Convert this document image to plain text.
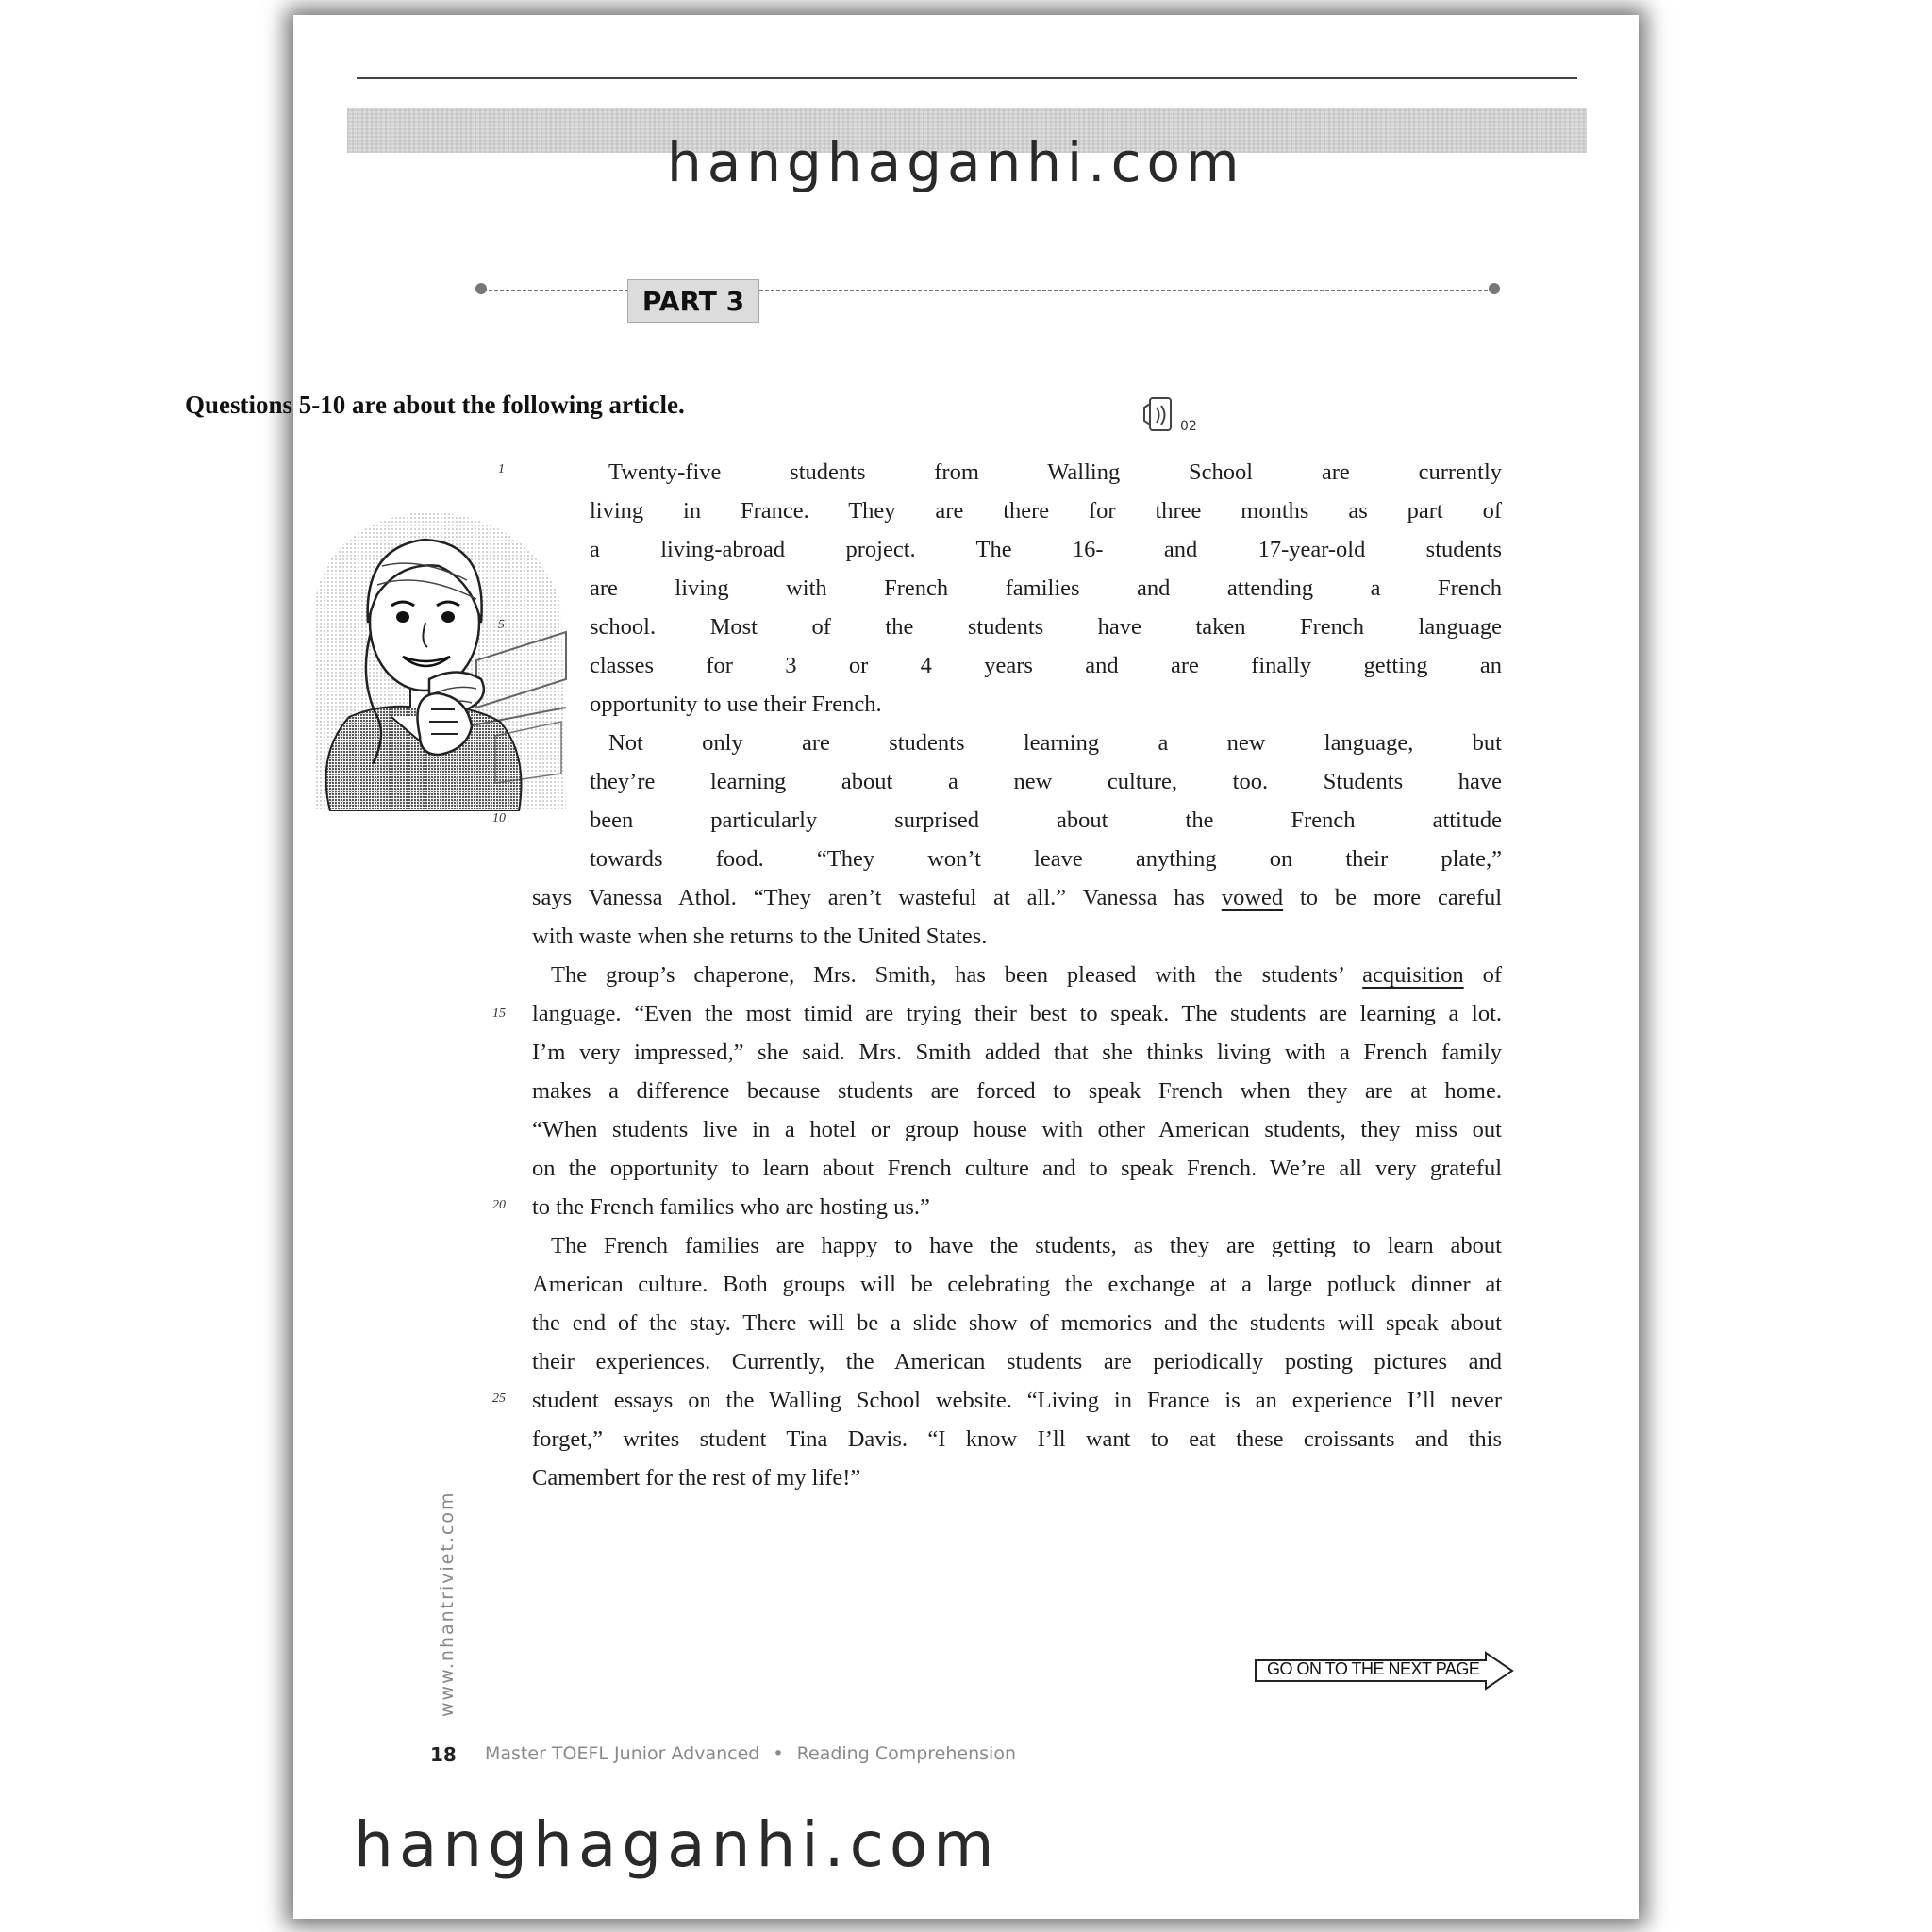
hanghaganhi.com

PART 3

Questions 5-10 are about the following article.

02
1
10
15
20
25
Twenty-five students from Walling School are currently
living in France. They are there for three months as part of
a living-abroad project. The 16- and 17-year-old students
are living with French families and attending a French
school. Most of the students have taken French language
classes for 3 or 4 years and are finally getting an
opportunity to use their French.
Not only are students learning a new language, but
they’re learning about a new culture, too. Students have
been particularly surprised about the French attitude
towards food. “They won’t leave anything on their plate,”
says Vanessa Athol. “They aren’t wasteful at all.” Vanessa has vowed to be more careful
with waste when she returns to the United States.
The group’s chaperone, Mrs. Smith, has been pleased with the students’ acquisition of
language. “Even the most timid are trying their best to speak. The students are learning a lot.
I’m very impressed,” she said. Mrs. Smith added that she thinks living with a French family
makes a difference because students are forced to speak French when they are at home.
“When students live in a hotel or group house with other American students, they miss out
on the opportunity to learn about French culture and to speak French. We’re all very grateful
to the French families who are hosting us.”
The French families are happy to have the students, as they are getting to learn about
American culture. Both groups will be celebrating the exchange at a large potluck dinner at
the end of the stay. There will be a slide show of memories and the students will speak about
their experiences. Currently, the American students are periodically posting pictures and
student essays on the Walling School website. “Living in France is an experience I’ll never
forget,” writes student Tina Davis. “I know I’ll want to eat these croissants and this
Camembert for the rest of my life!”
www.nhantriviet.com	GO ON TO THE NEXT PAGE
18 Master TOEFL Junior Advanced • Reading Comprehension

hanghaganhi.com
